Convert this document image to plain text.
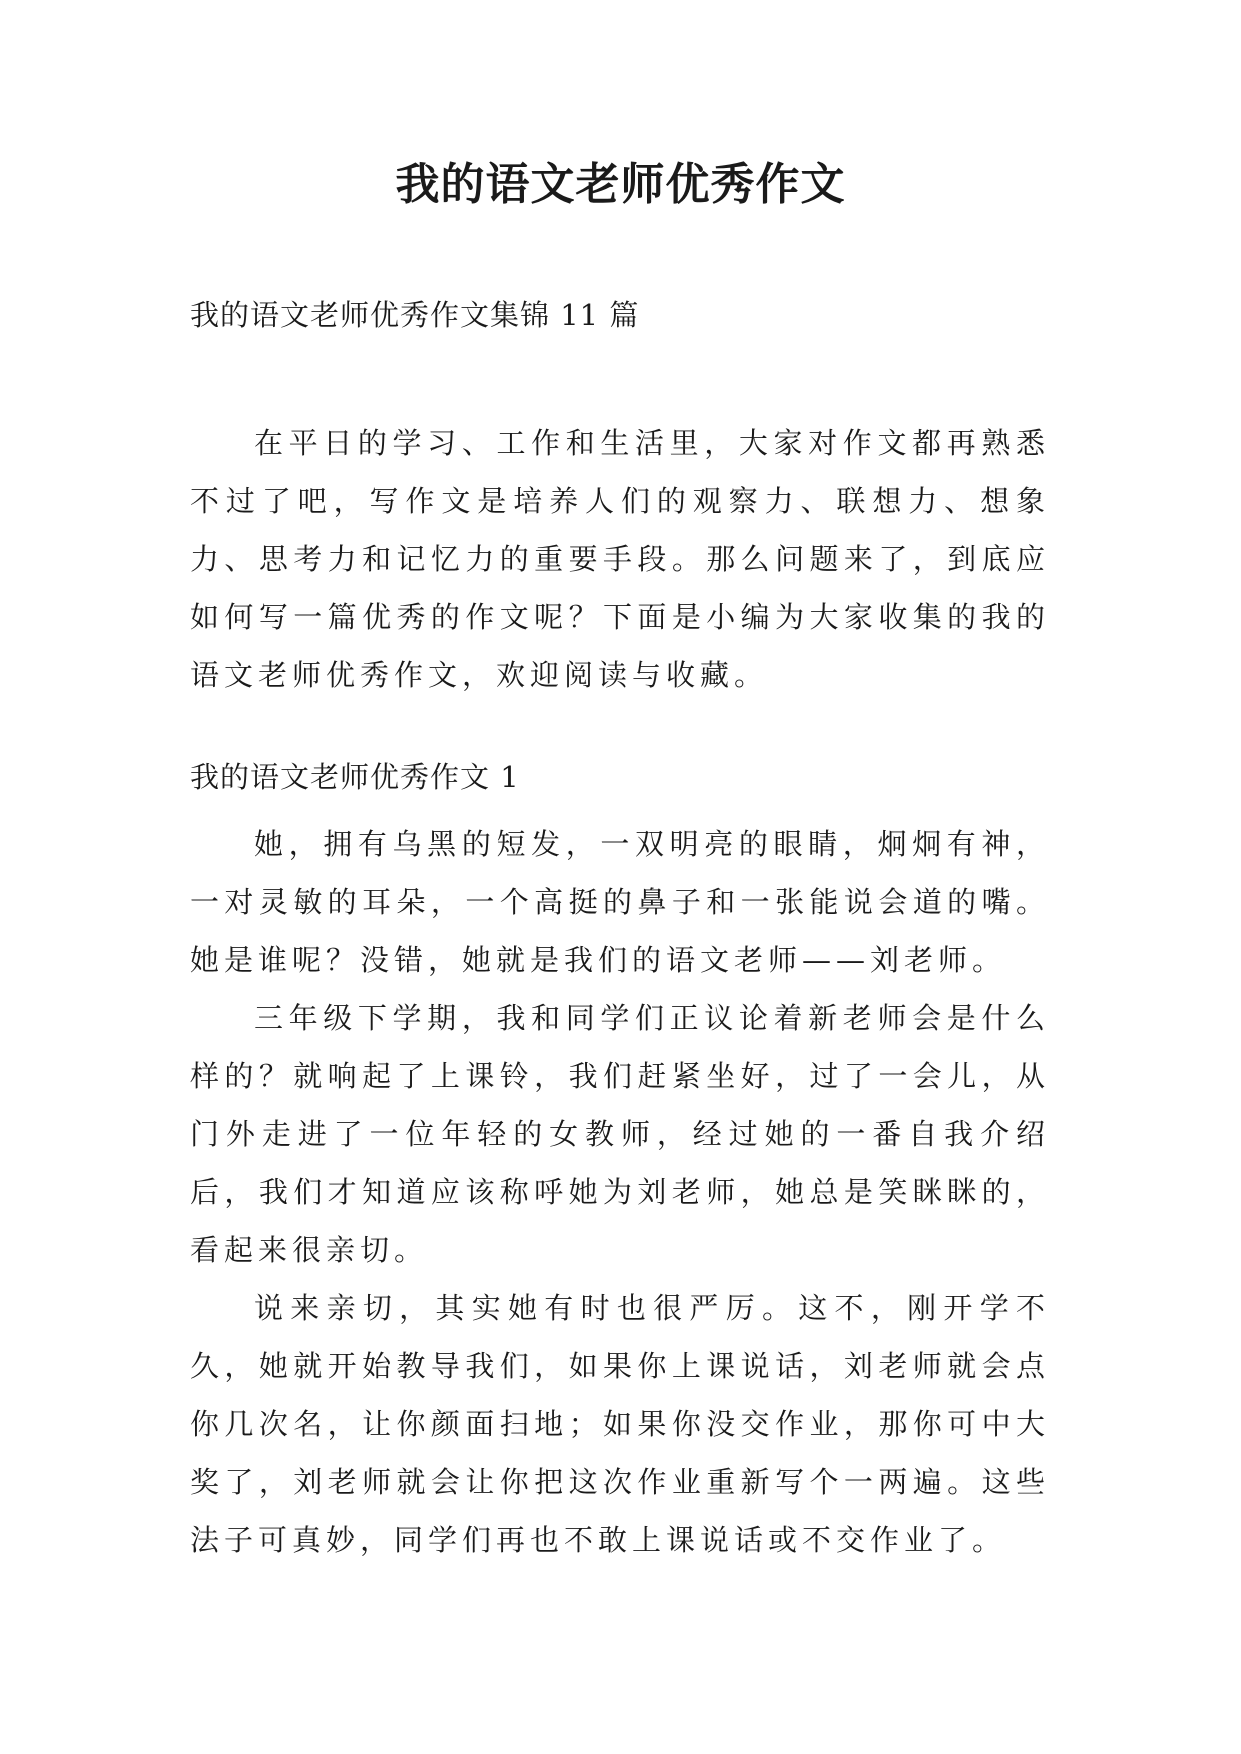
我的语文老师优秀作文
我的语文老师优秀作文集锦 11 篇

在平日的学习、工作和生活里，大家对作文都再熟悉不过了吧，写作文是培养人们的观察力、联想力、想象力、思考力和记忆力的重要手段。那么问题来了，到底应如何写一篇优秀的作文呢？下面是小编为大家收集的我的语文老师优秀作文，欢迎阅读与收藏。

我的语文老师优秀作文 1

她，拥有乌黑的短发，一双明亮的眼睛，炯炯有神，一对灵敏的耳朵，一个高挺的鼻子和一张能说会道的嘴。她是谁呢？没错，她就是我们的语文老师——刘老师。

三年级下学期，我和同学们正议论着新老师会是什么样的？就响起了上课铃，我们赶紧坐好，过了一会儿，从门外走进了一位年轻的女教师，经过她的一番自我介绍后，我们才知道应该称呼她为刘老师，她总是笑眯眯的，看起来很亲切。

说来亲切，其实她有时也很严厉。这不，刚开学不久，她就开始教导我们，如果你上课说话，刘老师就会点你几次名，让你颜面扫地；如果你没交作业，那你可中大奖了，刘老师就会让你把这次作业重新写个一两遍。这些法子可真妙，同学们再也不敢上课说话或不交作业了。
